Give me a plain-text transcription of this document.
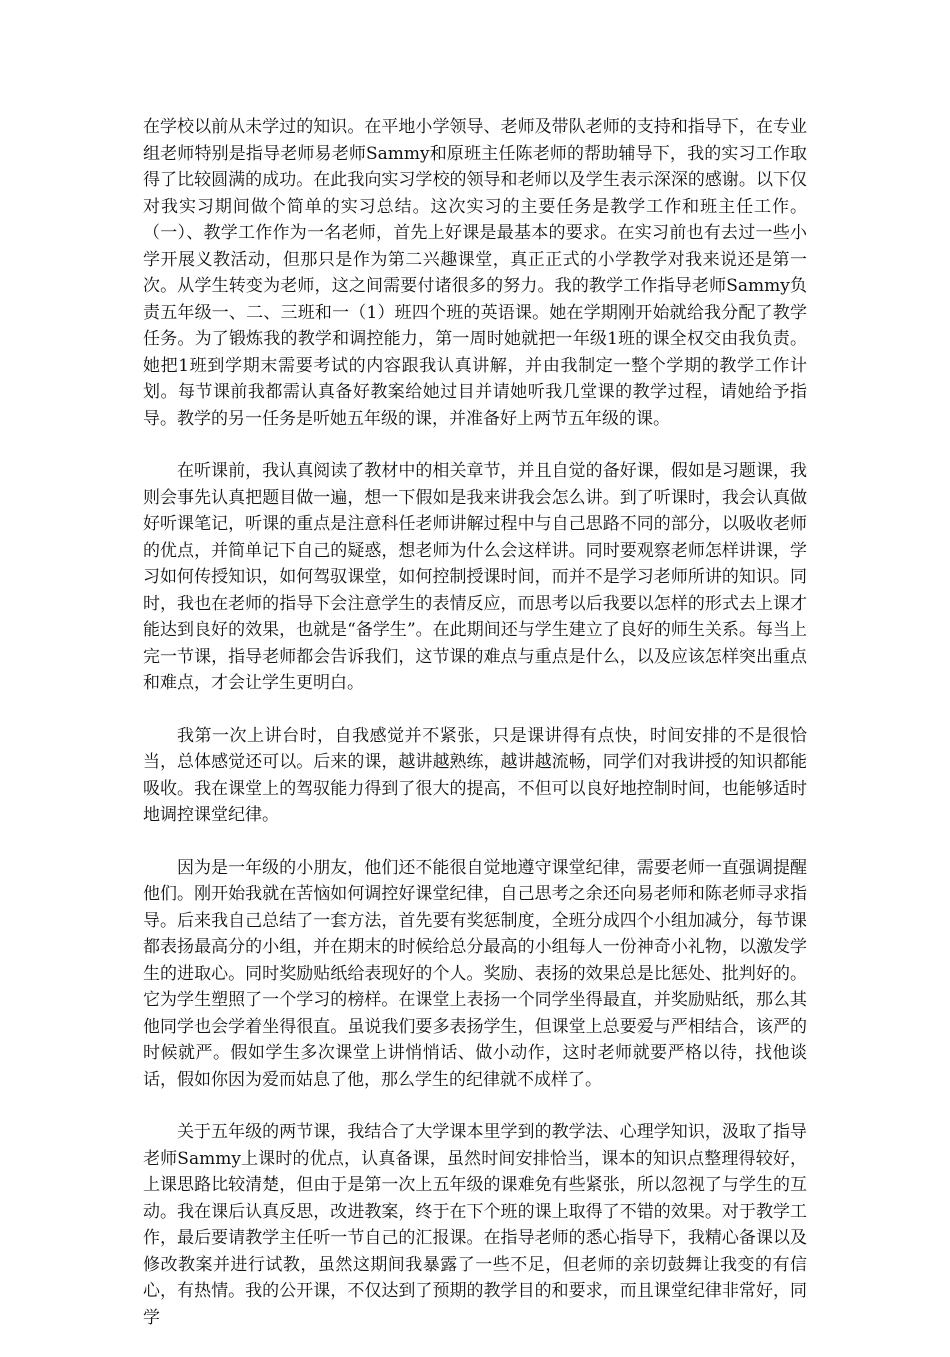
在学校以前从未学过的知识。在平地小学领导、老师及带队老师的支持和指导下，在专业组老师特别是指导老师易老师Sammy和原班主任陈老师的帮助辅导下，我的实习工作取得了比较圆满的成功。在此我向实习学校的领导和老师以及学生表示深深的感谢。以下仅对我实习期间做个简单的实习总结。这次实习的主要任务是教学工作和班主任工作。（一）、教学工作作为一名老师，首先上好课是最基本的要求。在实习前也有去过一些小学开展义教活动，但那只是作为第二兴趣课堂，真正正式的小学教学对我来说还是第一次。从学生转变为老师，这之间需要付诸很多的努力。我的教学工作指导老师Sammy负责五年级一、二、三班和一（1）班四个班的英语课。她在学期刚开始就给我分配了教学任务。为了锻炼我的教学和调控能力，第一周时她就把一年级1班的课全权交由我负责。她把1班到学期末需要考试的内容跟我认真讲解，并由我制定一整个学期的教学工作计划。每节课前我都需认真备好教案给她过目并请她听我几堂课的教学过程，请她给予指导。教学的另一任务是听她五年级的课，并准备好上两节五年级的课。

在听课前，我认真阅读了教材中的相关章节，并且自觉的备好课，假如是习题课，我则会事先认真把题目做一遍，想一下假如是我来讲我会怎么讲。到了听课时，我会认真做好听课笔记，听课的重点是注意科任老师讲解过程中与自己思路不同的部分，以吸收老师的优点，并简单记下自己的疑惑，想老师为什么会这样讲。同时要观察老师怎样讲课，学习如何传授知识，如何驾驭课堂，如何控制授课时间，而并不是学习老师所讲的知识。同时，我也在老师的指导下会注意学生的表情反应，而思考以后我要以怎样的形式去上课才能达到良好的效果，也就是“备学生”。在此期间还与学生建立了良好的师生关系。每当上完一节课，指导老师都会告诉我们，这节课的难点与重点是什么，以及应该怎样突出重点和难点，才会让学生更明白。

我第一次上讲台时，自我感觉并不紧张，只是课讲得有点快，时间安排的不是很恰当，总体感觉还可以。后来的课，越讲越熟练，越讲越流畅，同学们对我讲授的知识都能吸收。我在课堂上的驾驭能力得到了很大的提高，不但可以良好地控制时间，也能够适时地调控课堂纪律。

因为是一年级的小朋友，他们还不能很自觉地遵守课堂纪律，需要老师一直强调提醒他们。刚开始我就在苦恼如何调控好课堂纪律，自己思考之余还向易老师和陈老师寻求指导。后来我自己总结了一套方法，首先要有奖惩制度，全班分成四个小组加减分，每节课都表扬最高分的小组，并在期末的时候给总分最高的小组每人一份神奇小礼物，以激发学生的进取心。同时奖励贴纸给表现好的个人。奖励、表扬的效果总是比惩处、批判好的。它为学生塑照了一个学习的榜样。在课堂上表扬一个同学坐得最直，并奖励贴纸，那么其他同学也会学着坐得很直。虽说我们要多表扬学生，但课堂上总要爱与严相结合，该严的时候就严。假如学生多次课堂上讲悄悄话、做小动作，这时老师就要严格以待，找他谈话，假如你因为爱而姑息了他，那么学生的纪律就不成样了。

关于五年级的两节课，我结合了大学课本里学到的教学法、心理学知识，汲取了指导老师Sammy上课时的优点，认真备课，虽然时间安排恰当，课本的知识点整理得较好，上课思路比较清楚，但由于是第一次上五年级的课难免有些紧张，所以忽视了与学生的互动。我在课后认真反思，改进教案，终于在下个班的课上取得了不错的效果。对于教学工作，最后要请教学主任听一节自己的汇报课。在指导老师的悉心指导下，我精心备课以及修改教案并进行试教，虽然这期间我暴露了一些不足，但老师的亲切鼓舞让我变的有信心，有热情。我的公开课，不仅达到了预期的教学目的和要求，而且课堂纪律非常好，同学
